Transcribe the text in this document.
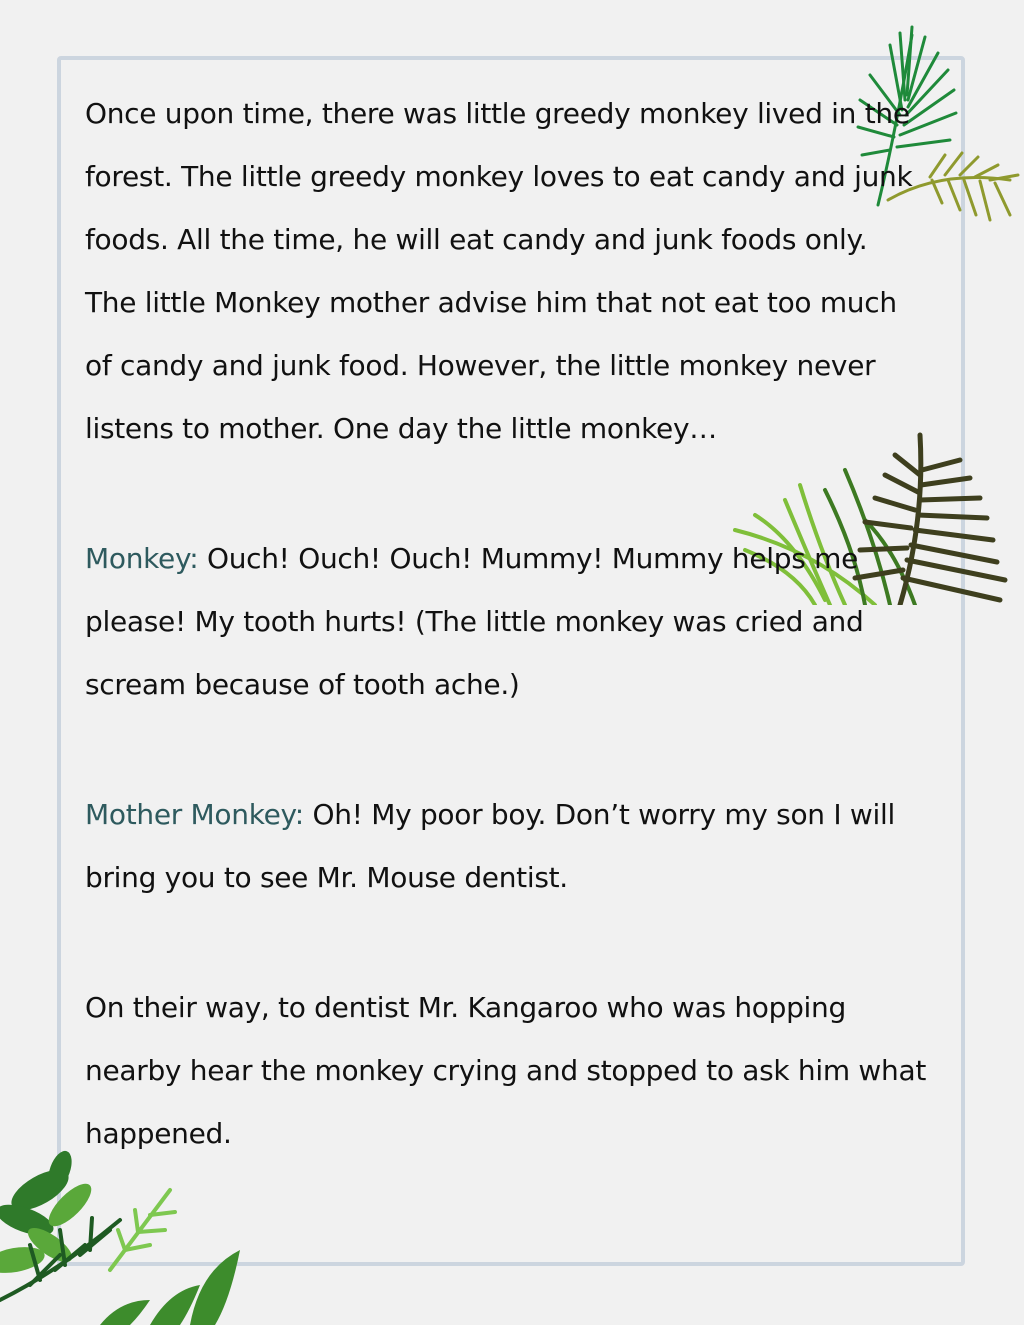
Once upon time, there was little greedy monkey lived in the forest. The little greedy monkey loves to eat candy and junk foods. All the time, he will eat candy and junk foods only.

The little Monkey mother advise him that not eat too much of candy and junk food. However, the little monkey never listens to mother. One day the little monkey…

Monkey: Ouch! Ouch! Ouch! Mummy! Mummy helps me please! My tooth hurts! (The little monkey was cried and scream because of tooth ache.)

Mother Monkey: Oh! My poor boy. Don’t worry my son I will bring you to see Mr. Mouse dentist.

On their way, to dentist Mr. Kangaroo who was hopping nearby hear the monkey crying and stopped to ask him what happened.
